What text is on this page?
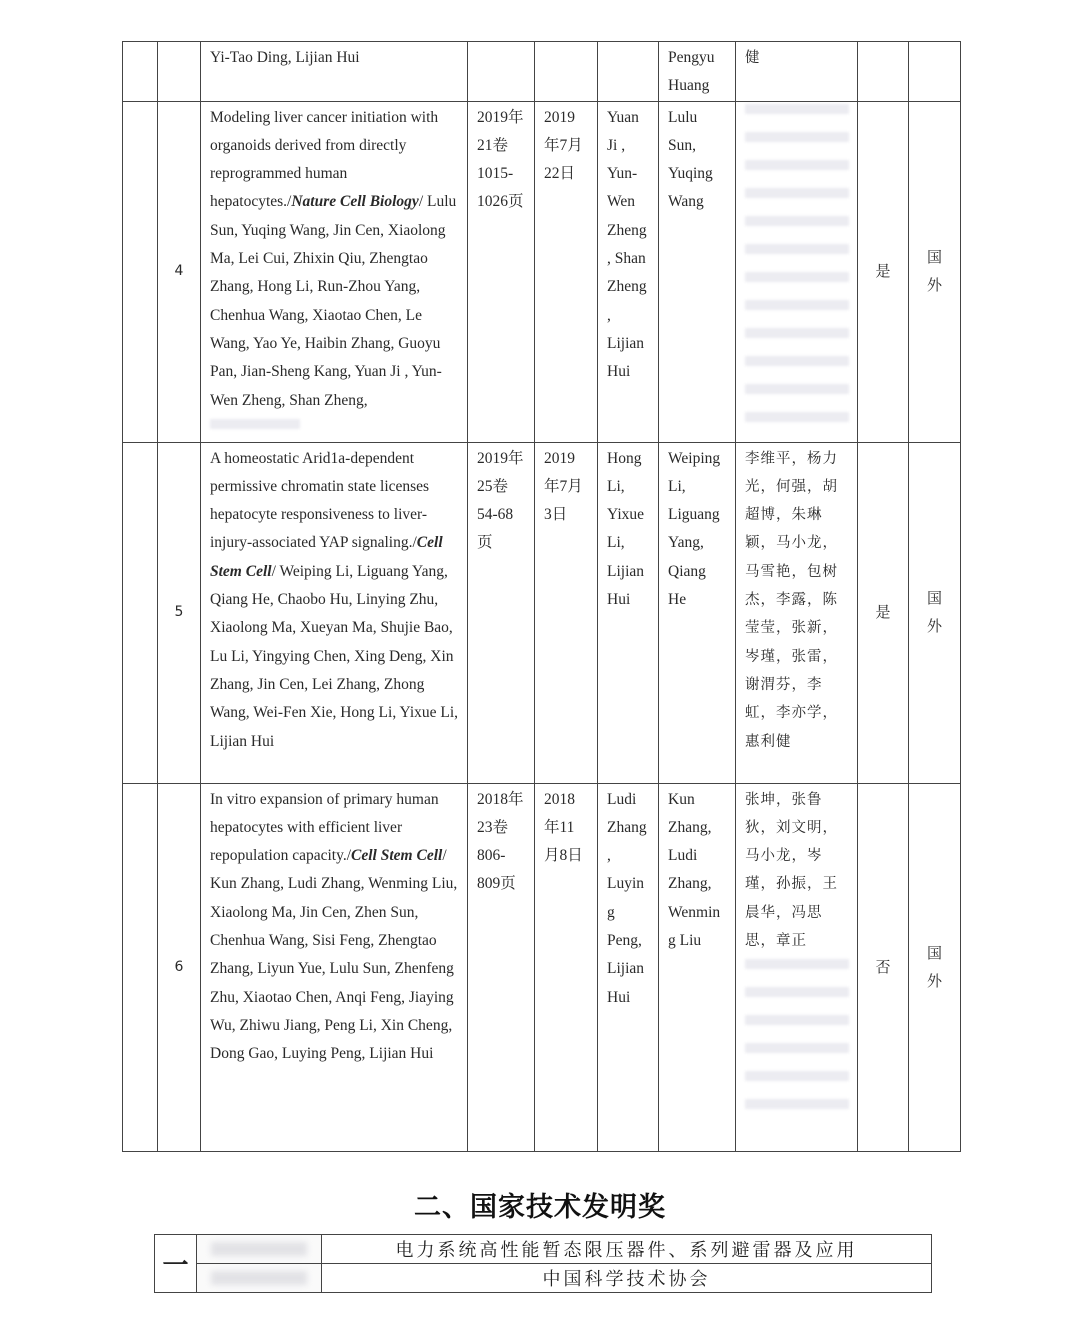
		Yi-Tao Ding, Lijian Hui				Pengyu Huang	健		
	4	Modeling liver cancer initiation with organoids derived from directly reprogrammed human hepatocytes./Nature Cell Biology/ Lulu Sun, Yuqing Wang, Jin Cen, Xiaolong Ma, Lei Cui, Zhixin Qiu, Zhengtao Zhang, Hong Li, Run-Zhou Yang, Chenhua Wang, Xiaotao Chen, Le Wang, Yao Ye, Haibin Zhang, Guoyu Pan, Jian-Sheng Kang, Yuan Ji , Yun-Wen Zheng, Shan Zheng,	2019年21卷1015-1026页	2019年7月22日	Yuan Ji , Yun-Wen Zheng, Shan Zheng, Lijian Hui	Lulu Sun, Yuqing Wang		是	国外
	5	A homeostatic Arid1a-dependent permissive chromatin state licenses hepatocyte responsiveness to liver-injury-associated YAP signaling./Cell Stem Cell/ Weiping Li, Liguang Yang, Qiang He, Chaobo Hu, Linying Zhu, Xiaolong Ma, Xueyan Ma, Shujie Bao, Lu Li, Yingying Chen, Xing Deng, Xin Zhang, Jin Cen, Lei Zhang, Zhong Wang, Wei-Fen Xie, Hong Li, Yixue Li, Lijian Hui	2019年25卷54-68页	2019年7月3日	Hong Li, Yixue Li, Lijian Hui	Weiping Li, Liguang Yang, Qiang He	李维平，杨力光，何强，胡超博，朱琳颖，马小龙，马雪艳，包树杰，李露，陈莹莹，张新，岑瑾，张雷，谢渭芬，李虹，李亦学，惠利健	是	国外
	6	In vitro expansion of primary human hepatocytes with efficient liver repopulation capacity./Cell Stem Cell/ Kun Zhang, Ludi Zhang, Wenming Liu, Xiaolong Ma, Jin Cen, Zhen Sun, Chenhua Wang, Sisi Feng, Zhengtao Zhang, Liyun Yue, Lulu Sun, Zhenfeng Zhu, Xiaotao Chen, Anqi Feng, Jiaying Wu, Zhiwu Jiang, Peng Li, Xin Cheng, Dong Gao, Luying Peng, Lijian Hui	2018年23卷806-809页	2018年11月8日	Ludi Zhang , Luying Peng, Lijian Hui	Kun Zhang, Ludi Zhang, Wenming Liu	张坤，张鲁狄，刘文明，马小龙，岑瑾，孙振，王晨华，冯思思，章正	否	国外
二、国家技术发明奖
一		电力系统高性能暂态限压器件、系列避雷器及应用

		中国科学技术协会
